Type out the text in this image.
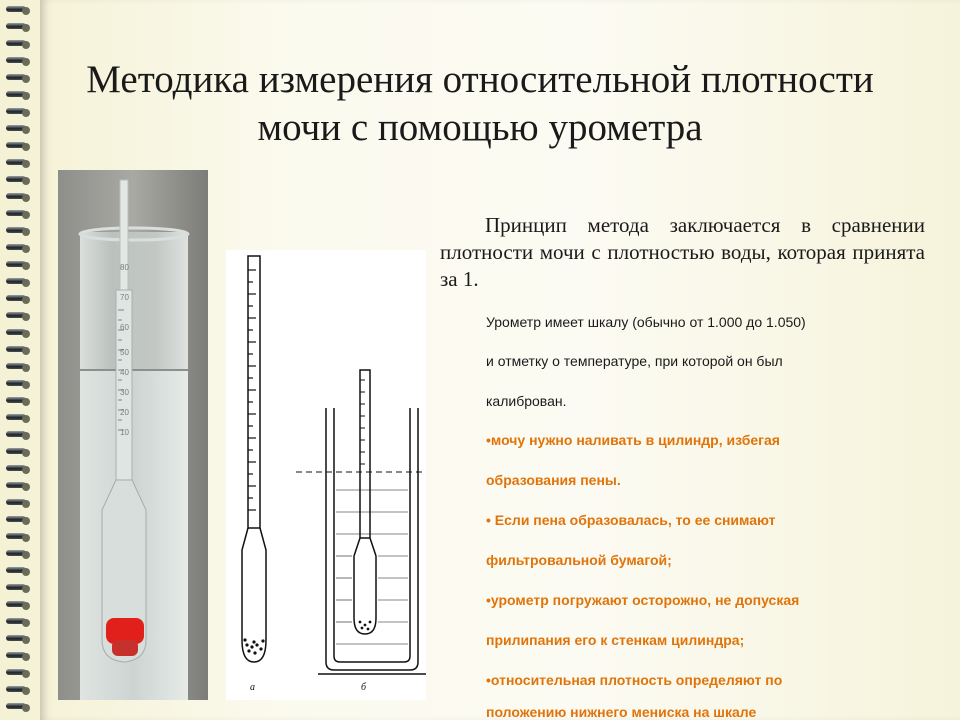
Методика измерения относительной плотности
мочи с помощью урометра
80
70
60
50
40
30
20
10
а	б

Принцип метода заключается в сравнении плотности мочи с плотностью воды, которая принята за 1.

Урометр имеет шкалу (обычно от 1.000 до 1.050)

и отметку о температуре, при которой он был

калиброван.

•мочу нужно наливать в цилиндр, избегая

образования пены.

• Если пена образовалась, то ее снимают

фильтровальной бумагой;

•урометр погружают осторожно, не допуская

прилипания его к стенкам цилиндра;

•относительная плотность определяют по

положению нижнего мениска на шкале
